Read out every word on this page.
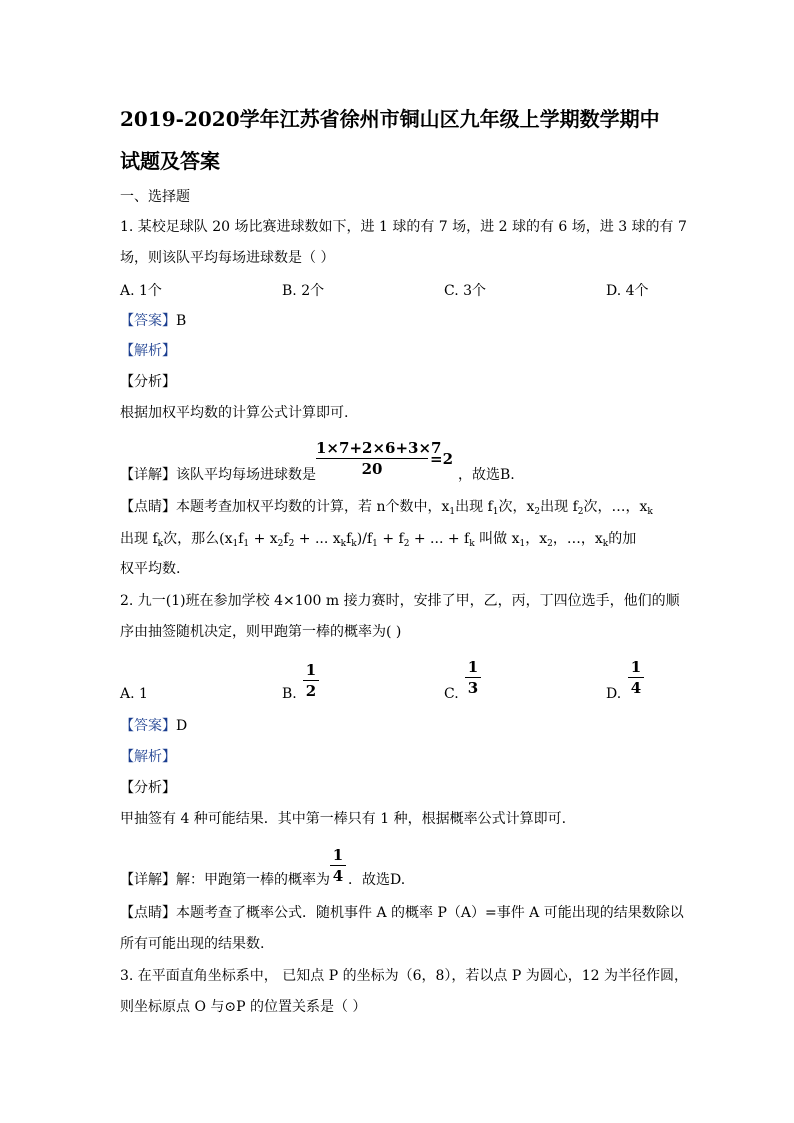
2019-2020学年江苏省徐州市铜山区九年级上学期数学期中
试题及答案
一、选择题
1. 某校足球队 20 场比赛进球数如下，进 1 球的有 7 场，进 2 球的有 6 场，进 3 球的有 7
场，则该队平均每场进球数是（ ）
A. 1个	B. 2个	C. 3个	D. 4个
【答案】B
【解析】
【分析】
根据加权平均数的计算公式计算即可.
【详解】该队平均每场进球数是
1×7+2×6+3×7
20
=2
，故选B.
【点睛】本题考查加权平均数的计算，若 n个数中，$x_1$出现 $f_1$次，$x_2$出现 $f_2$次，…，$x_k$
出现 $f_k$次，那么($x_1f_1 + x_2f_2$ + ... $x_kf_k)/f_1 + f_2$ + ... + $f_k$ 叫做 $x_1$，$x_2$，…，$x_k$的加
权平均数.
2. 九一(1)班在参加学校 4×100 m 接力赛时，安排了甲，乙，丙，丁四位选手，他们的顺
序由抽签随机决定，则甲跑第一棒的概率为( )
A. 1	B.
1
2	C.
1
3	D.
1
4
【答案】D
【解析】
【分析】
甲抽签有 4 种可能结果．其中第一棒只有 1 种，根据概率公式计算即可.
【详解】解：甲跑第一棒的概率为
1
4 ．故选D.
【点睛】本题考查了概率公式．随机事件 A 的概率 P（A）=事件 A 可能出现的结果数除以
所有可能出现的结果数.
3. 在平面直角坐标系中， 已知点 P 的坐标为（6，8），若以点 P 为圆心，12 为半径作圆，
则坐标原点 O 与⊙P 的位置关系是（ ）
